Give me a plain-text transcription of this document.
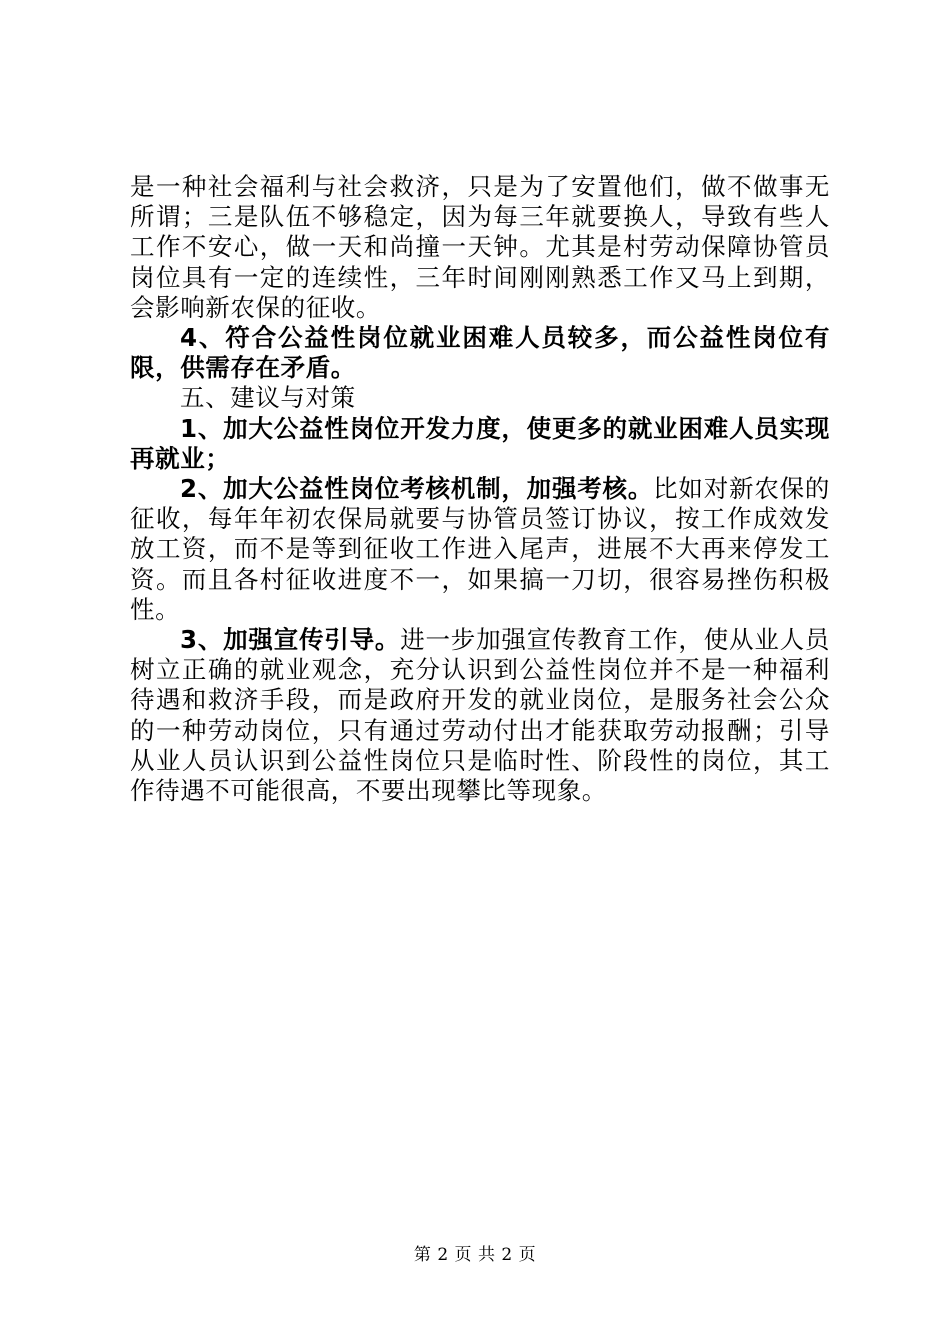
是一种社会福利与社会救济，只是为了安置他们，做不做事无所谓；三是队伍不够稳定，因为每三年就要换人，导致有些人工作不安心，做一天和尚撞一天钟。尤其是村劳动保障协管员岗位具有一定的连续性，三年时间刚刚熟悉工作又马上到期，会影响新农保的征收。

4、符合公益性岗位就业困难人员较多，而公益性岗位有限，供需存在矛盾。

五、建议与对策

1、加大公益性岗位开发力度，使更多的就业困难人员实现再就业；

2、加大公益性岗位考核机制，加强考核。比如对新农保的征收，每年年初农保局就要与协管员签订协议，按工作成效发放工资，而不是等到征收工作进入尾声，进展不大再来停发工资。而且各村征收进度不一，如果搞一刀切，很容易挫伤积极性。

3、加强宣传引导。进一步加强宣传教育工作，使从业人员树立正确的就业观念，充分认识到公益性岗位并不是一种福利待遇和救济手段，而是政府开发的就业岗位，是服务社会公众的一种劳动岗位，只有通过劳动付出才能获取劳动报酬；引导从业人员认识到公益性岗位只是临时性、阶段性的岗位，其工作待遇不可能很高，不要出现攀比等现象。

第 2 页 共 2 页
